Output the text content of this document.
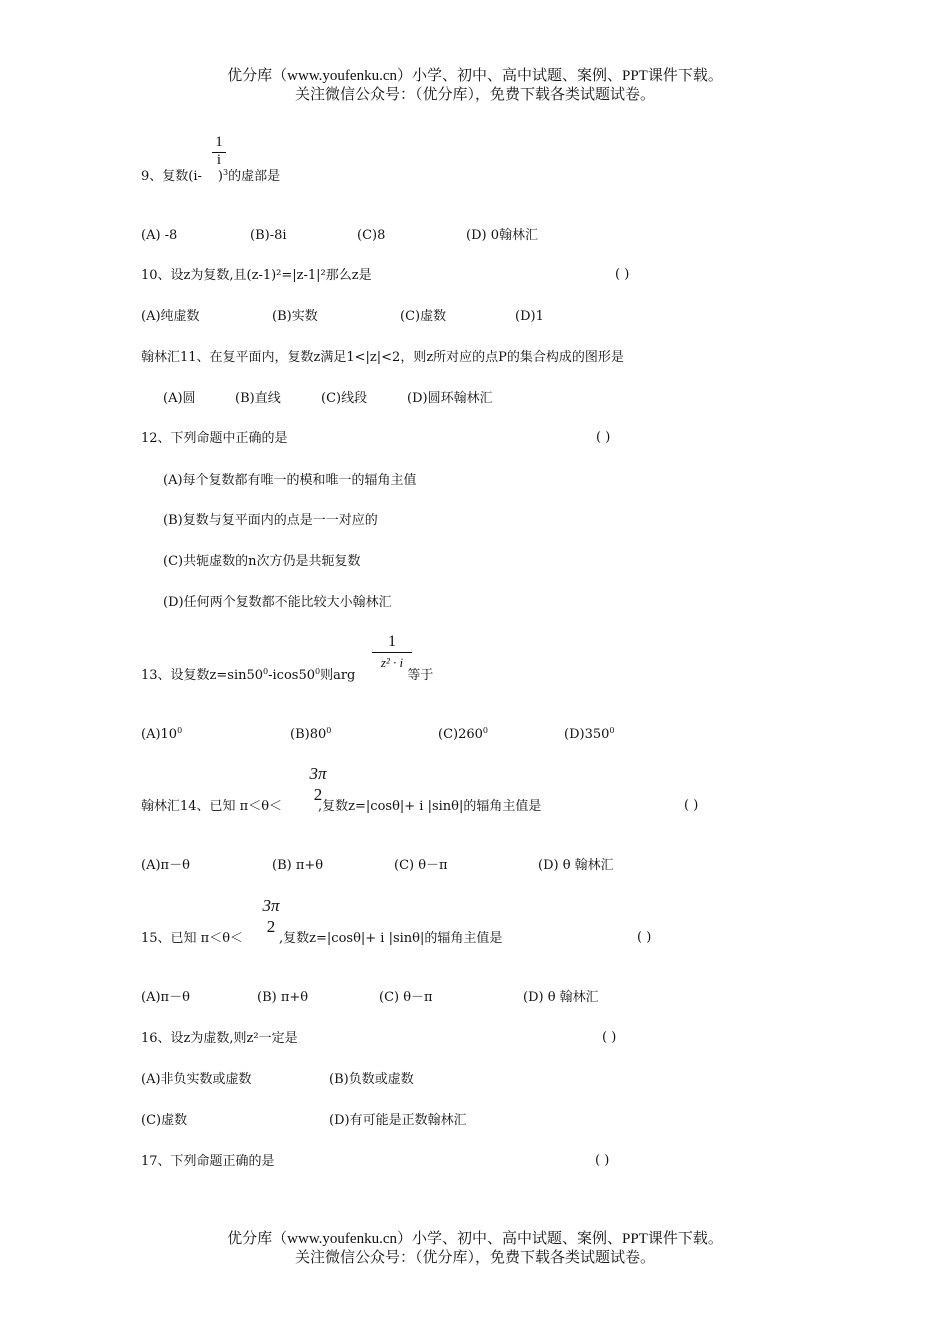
优分库（www.youfenku.cn）小学、初中、高中试题、案例、PPT课件下载。
关注微信公众号：（优分库），免费下载各类试题试卷。
$\frac{1}{i}$
9、复数(i- )$^3$的虚部是
(A) -8	(B)-8i	(C)8	(D) 0翰林汇
10、设z为复数,且(z-1)²=|z-1|²那么z是	( )
(A)纯虚数	(B)实数	(C)虚数	(D)1
翰林汇11、在复平面内，复数z满足1<|z|<2，则z所对应的点P的集合构成的图形是
(A)圆	(B)直线	(C)线段	(D)圆环翰林汇
12、下列命题中正确的是	( )
(A)每个复数都有唯一的模和唯一的辐角主值
(B)复数与复平面内的点是一一对应的
(C)共轭虚数的n次方仍是共轭复数
(D)任何两个复数都不能比较大小翰林汇
1
z² · i
13、设复数$z=\sin 50^0-icos50^0$则arg	等于
$(A)10^0$	$(B)80^0$	$(C)260^0$	$(D)350^0$
3π
2
翰林汇14、已知 π＜θ＜	,复数z=|cosθ|+ i |sinθ|的辐角主值是	( )
(A)π－θ	(B) π+θ	(C) θ－π	(D) θ 翰林汇
3π
2
15、已知 π＜θ＜	,复数z=|cosθ|+ i |sinθ|的辐角主值是	( )
(A)π－θ	(B) π+θ	(C) θ－π	(D) θ 翰林汇
16、设z为虚数,则z²一定是	( )
(A)非负实数或虚数	(B)负数或虚数
(C)虚数	(D)有可能是正数翰林汇
17、下列命题正确的是	( )
优分库（www.youfenku.cn）小学、初中、高中试题、案例、PPT课件下载。
关注微信公众号：（优分库），免费下载各类试题试卷。
